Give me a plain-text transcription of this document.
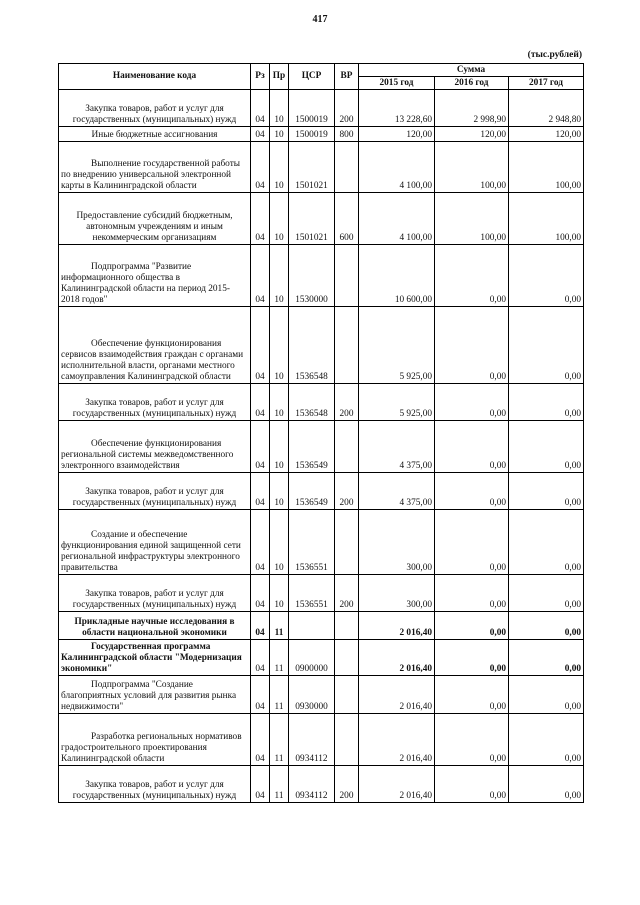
417
(тыс.рублей)
Наименование кода	Рз	Пр	ЦСР	ВР	Сумма		
					2015 год	2016 год	2017 год
Закупка товаров, работ и услуг для государственных (муниципальных) нужд	04	10	1500019	200	13 228,60	2 998,90	2 948,80
Иные бюджетные ассигнования	04	10	1500019	800	120,00	120,00	120,00
Выполнение государственной работы по внедрению универсальной электронной карты в Калининградской области	04	10	1501021		4 100,00	100,00	100,00
Предоставление субсидий бюджетным, автономным учреждениям и иным некоммерческим организациям	04	10	1501021	600	4 100,00	100,00	100,00
Подпрограмма "Развитие информационного общества в Калининградской области на период 2015-2018 годов"	04	10	1530000		10 600,00	0,00	0,00
Обеспечение функционирования сервисов взаимодействия граждан с органами исполнительной власти, органами местного самоуправления Калининградской области	04	10	1536548		5 925,00	0,00	0,00
Закупка товаров, работ и услуг для государственных (муниципальных) нужд	04	10	1536548	200	5 925,00	0,00	0,00
Обеспечение функционирования региональной системы межведомственного электронного взаимодействия	04	10	1536549		4 375,00	0,00	0,00
Закупка товаров, работ и услуг для государственных (муниципальных) нужд	04	10	1536549	200	4 375,00	0,00	0,00
Создание и обеспечение функционирования единой защищенной сети региональной инфраструктуры электронного правительства	04	10	1536551		300,00	0,00	0,00
Закупка товаров, работ и услуг для государственных (муниципальных) нужд	04	10	1536551	200	300,00	0,00	0,00
Прикладные научные исследования в области национальной экономики	04	11			2 016,40	0,00	0,00
Государственная программа Калининградской области "Модернизация экономики"	04	11	0900000		2 016,40	0,00	0,00
Подпрограмма "Создание благоприятных условий для развития рынка недвижимости"	04	11	0930000		2 016,40	0,00	0,00
Разработка региональных нормативов градостроительного проектирования Калининградской области	04	11	0934112		2 016,40	0,00	0,00
Закупка товаров, работ и услуг для государственных (муниципальных) нужд	04	11	0934112	200	2 016,40	0,00	0,00
